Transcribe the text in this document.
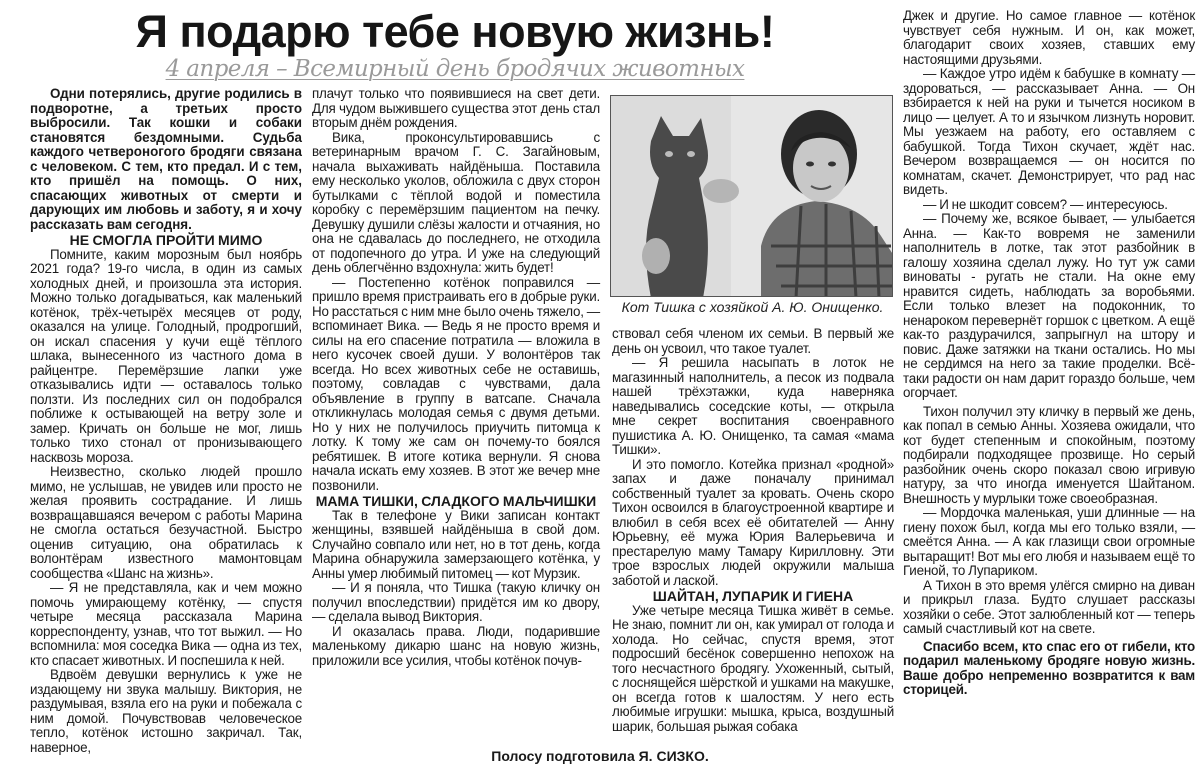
Я подарю тебе новую жизнь!
4 апреля – Всемирный день бродячих животных

Одни потерялись, другие родились в подворотне, а третьих просто выбросили. Так кошки и собаки становятся бездомными. Судьба каждого четвероногого бродяги связана с человеком. С тем, кто предал. И с тем, кто пришёл на помощь. О них, спасающих животных от смерти и дарующих им любовь и заботу, я и хочу рассказать вам сегодня.

НЕ СМОГЛА ПРОЙТИ МИМО

Помните, каким морозным был ноябрь 2021 года? 19-го числа, в один из самых холодных дней, и произошла эта история. Можно только догадываться, как маленький котёнок, трёх-четырёх месяцев от роду, оказался на улице. Голодный, продрогший, он искал спасения у кучи ещё тёплого шлака, вынесенного из частного дома в райцентре. Перемёрзшие лапки уже отказывались идти — оставалось только ползти. Из последних сил он подобрался поближе к остывающей на ветру золе и замер. Кричать он больше не мог, лишь только тихо стонал от пронизывающего насквозь мороза.

Неизвестно, сколько людей прошло мимо, не услышав, не увидев или просто не желая проявить сострадание. И лишь возвращавшаяся вечером с работы Марина не смогла остаться безучастной. Быстро оценив ситуацию, она обратилась к волонтёрам известного мамонтовцам сообщества «Шанс на жизнь».

— Я не представляла, как и чем можно помочь умирающему котёнку, — спустя четыре месяца рассказала Марина корреспонденту, узнав, что тот выжил. — Но вспомнила: моя соседка Вика — одна из тех, кто спасает животных. И поспешила к ней.

Вдвоём девушки вернулись к уже не издающему ни звука малышу. Виктория, не раздумывая, взяла его на руки и побежала с ним домой. Почувствовав человеческое тепло, котёнок истошно закричал. Так, наверное,

плачут только что появившиеся на свет дети. Для чудом выжившего существа этот день стал вторым днём рождения.

Вика, проконсультировавшись с ветеринарным врачом Г. С. Загайновым, начала выхаживать найдёныша. Поставила ему несколько уколов, обложила с двух сторон бутылками с тёплой водой и поместила коробку с перемёрзшим пациентом на печку. Девушку душили слёзы жалости и отчаяния, но она не сдавалась до последнего, не отходила от подопечного до утра. И уже на следующий день облегчённо вздохнула: жить будет!

— Постепенно котёнок поправился — пришло время пристраивать его в добрые руки. Но расстаться с ним мне было очень тяжело, — вспоминает Вика. — Ведь я не просто время и силы на его спасение потратила — вложила в него кусочек своей души. У волонтёров так всегда. Но всех животных себе не оставишь, поэтому, совладав с чувствами, дала объявление в группу в ватсапе. Сначала откликнулась молодая семья с двумя детьми. Но у них не получилось приучить питомца к лотку. К тому же сам он почему-то боялся ребятишек. В итоге котика вернули. Я снова начала искать ему хозяев. В этот же вечер мне позвонили.

МАМА ТИШКИ, СЛАДКОГО МАЛЬЧИШКИ

Так в телефоне у Вики записан контакт женщины, взявшей найдёныша в свой дом. Случайно совпало или нет, но в тот день, когда Марина обнаружила замерзающего котёнка, у Анны умер любимый питомец — кот Мурзик.

— И я поняла, что Тишка (такую кличку он получил впоследствии) придётся им ко двору, — сделала вывод Виктория.

И оказалась права. Люди, подарившие маленькому дикарю шанс на новую жизнь, приложили все усилия, чтобы котёнок почув-

Кот Тишка с хозяйкой А. Ю. Онищенко.

ствовал себя членом их семьи. В первый же день он усвоил, что такое туалет.

— Я решила насыпать в лоток не магазинный наполнитель, а песок из подвала нашей трёхэтажки, куда наверняка наведывались соседские коты, — открыла мне секрет воспитания своенравного пушистика А. Ю. Онищенко, та самая «мама Тишки».

И это помогло. Котейка признал «родной» запах и даже поначалу принимал собственный туалет за кровать. Очень скоро Тихон освоился в благоустроенной квартире и влюбил в себя всех её обитателей — Анну Юрьевну, её мужа Юрия Валерьевича и престарелую маму Тамару Кирилловну. Эти трое взрослых людей окружили малыша заботой и лаской.

ШАЙТАН, ЛУПАРИК И ГИЕНА

Уже четыре месяца Тишка живёт в семье. Не знаю, помнит ли он, как умирал от голода и холода. Но сейчас, спустя время, этот подросший бесёнок совершенно непохож на того несчастного бродягу. Ухоженный, сытый, с лоснящейся шёрсткой и ушками на макушке, он всегда готов к шалостям. У него есть любимые игрушки: мышка, крыса, воздушный шарик, большая рыжая собака

Джек и другие. Но самое главное — котёнок чувствует себя нужным. И он, как может, благодарит своих хозяев, ставших ему настоящими друзьями.

— Каждое утро идём к бабушке в комнату — здороваться, — рассказывает Анна. — Он взбирается к ней на руки и тычется носиком в лицо — целует. А то и язычком лизнуть норовит. Мы уезжаем на работу, его оставляем с бабушкой. Тогда Тихон скучает, ждёт нас. Вечером возвращаемся — он носится по комнатам, скачет. Демонстрирует, что рад нас видеть.

— И не шкодит совсем? — интересуюсь.

— Почему же, всякое бывает, — улыбается Анна. — Как-то вовремя не заменили наполнитель в лотке, так этот разбойник в галошу хозяина сделал лужу. Но тут уж сами виноваты - ругать не стали. На окне ему нравится сидеть, наблюдать за воробьями. Если только влезет на подоконник, то ненароком перевернёт горшок с цветком. А ещё как-то раздурачился, запрыгнул на штору и повис. Даже затяжки на ткани остались. Но мы не сердимся на него за такие проделки. Всё-таки радости он нам дарит гораздо больше, чем огорчает.

Тихон получил эту кличку в первый же день, как попал в семью Анны. Хозяева ожидали, что кот будет степенным и спокойным, поэтому подбирали подходящее прозвище. Но серый разбойник очень скоро показал свою игривую натуру, за что иногда именуется Шайтаном. Внешность у мурлыки тоже своеобразная.

— Мордочка маленькая, уши длинные — на гиену похож был, когда мы его только взяли, — смеётся Анна. — А как глазищи свои огромные вытаращит! Вот мы его любя и называем ещё то Гиеной, то Лупариком.

А Тихон в это время улёгся смирно на диван и прикрыл глаза. Будто слушает рассказы хозяйки о себе. Этот залюбленный кот — теперь самый счастливый кот на свете.

Спасибо всем, кто спас его от гибели, кто подарил маленькому бродяге новую жизнь. Ваше добро непременно возвратится к вам сторицей.

Полосу подготовила Я. СИЗКО.
